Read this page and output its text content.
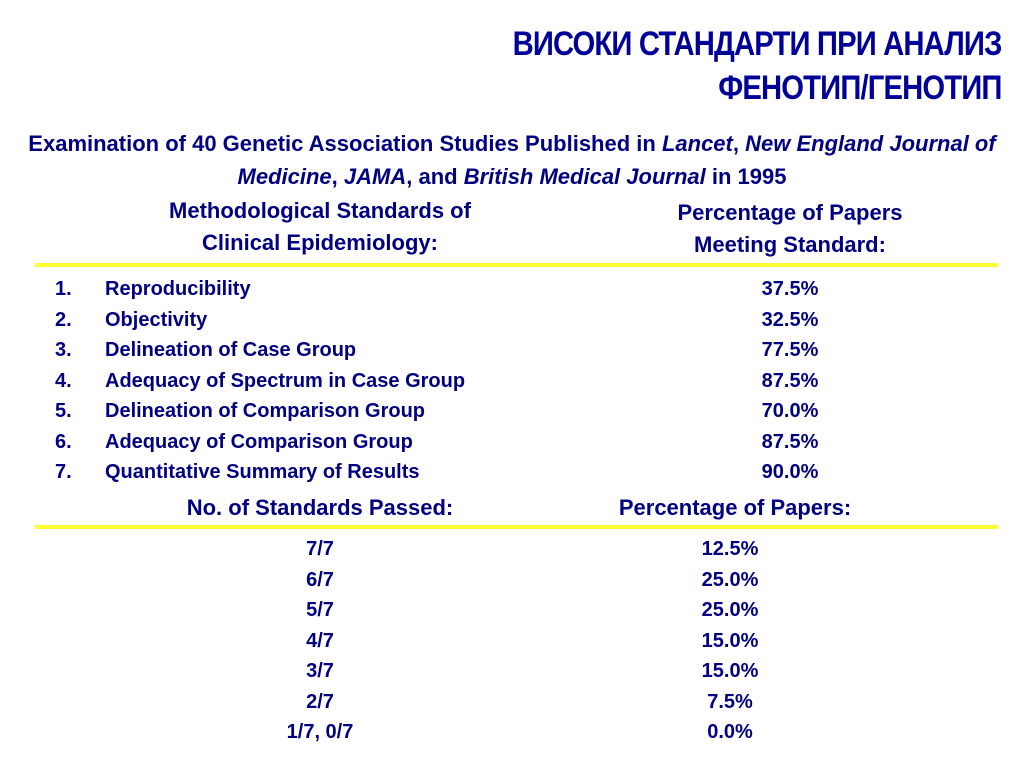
ВИСОКИ СТАНДАРТИ ПРИ АНАЛИЗ
ФЕНОТИП/ГЕНОТИП
Examination of 40 Genetic Association Studies Published in Lancet, New England Journal of Medicine, JAMA, and British Medical Journal in 1995
Methodological Standards of
Clinical Epidemiology:
Percentage of Papers
Meeting Standard:
1. Reproducibility
2. Objectivity
3. Delineation of Case Group
4. Adequacy of Spectrum in Case Group
5. Delineation of Comparison Group
6. Adequacy of Comparison Group
7. Quantitative Summary of Results
37.5%
32.5%
77.5%
87.5%
70.0%
87.5%
90.0%
No. of Standards Passed:	Percentage of Papers:
7/7
6/7
5/7
4/7
3/7
2/7
1/7, 0/7
12.5%
25.0%
25.0%
15.0%
15.0%
7.5%
0.0%
